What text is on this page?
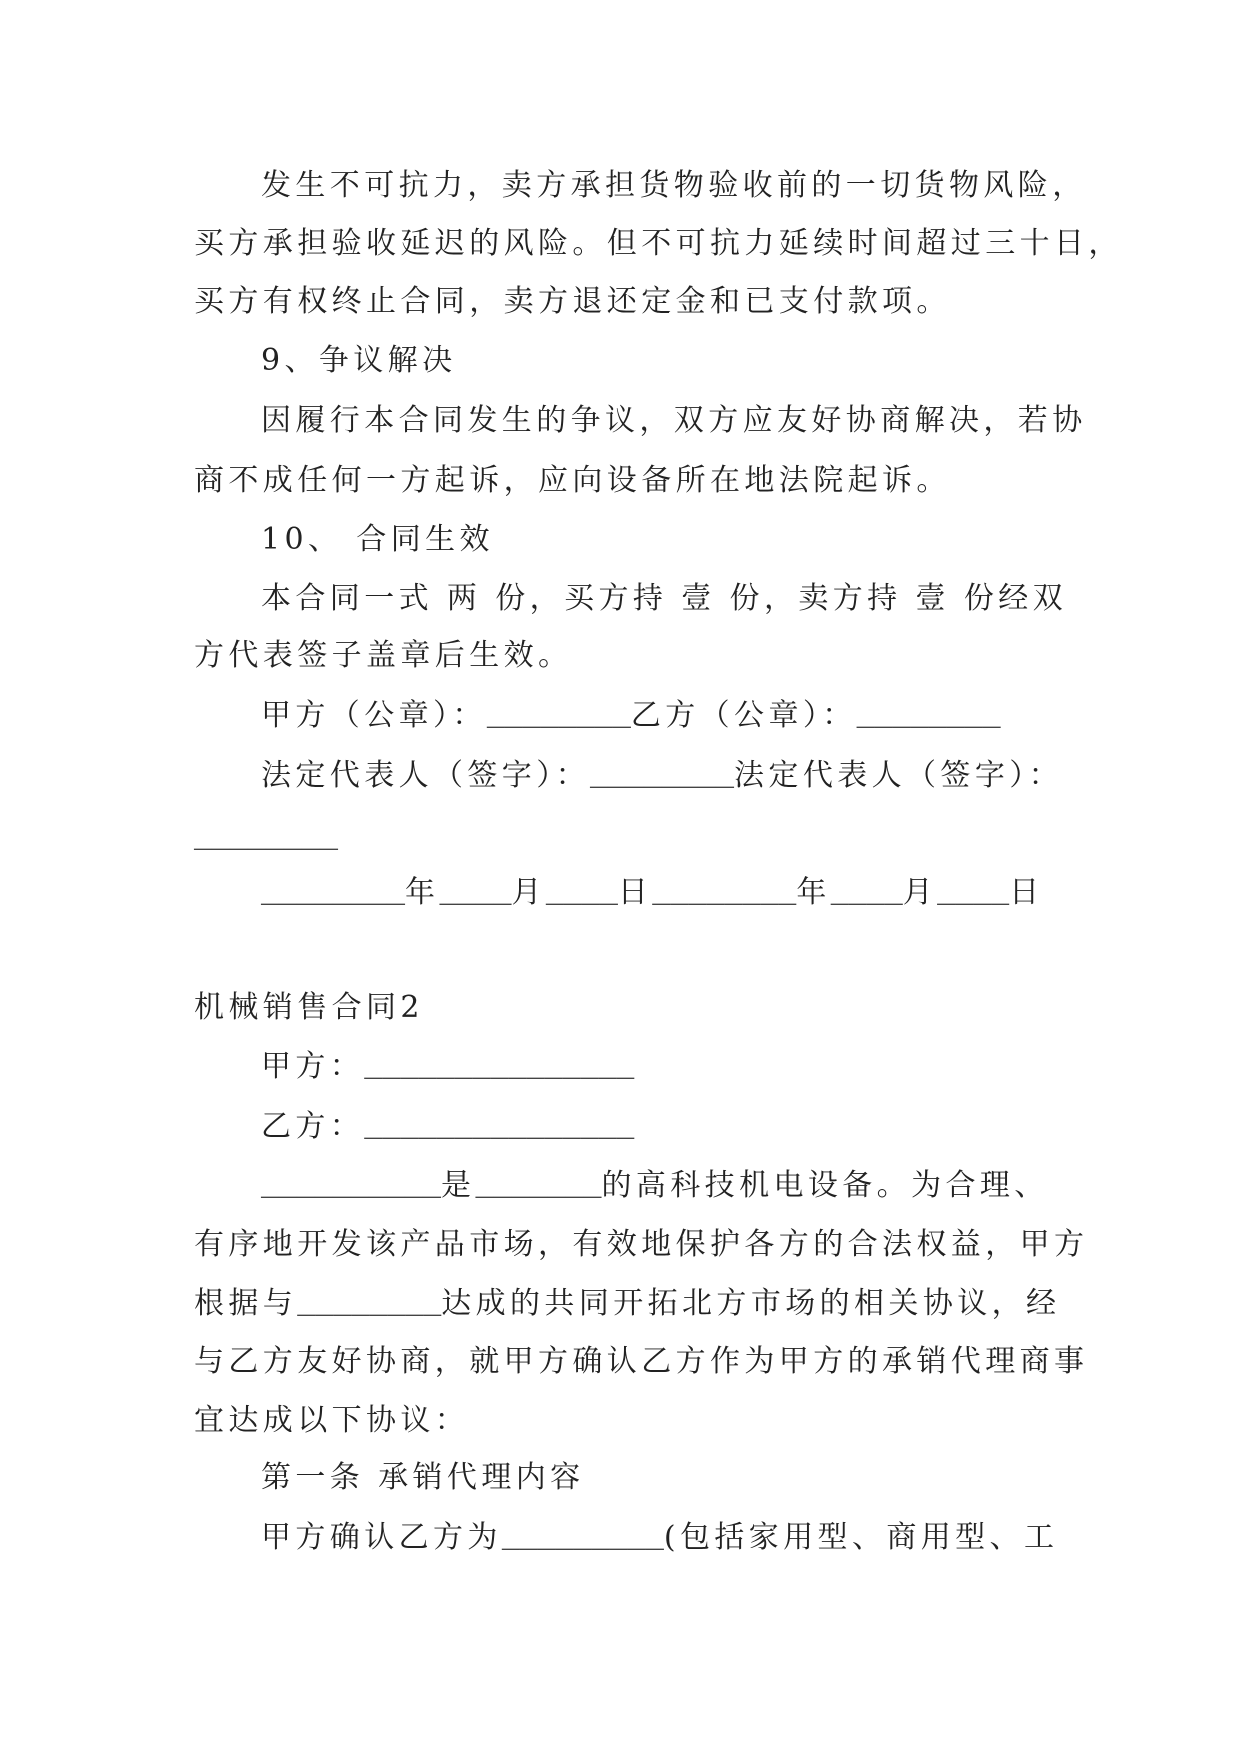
发生不可抗力，卖方承担货物验收前的一切货物风险，
买方承担验收延迟的风险。但不可抗力延续时间超过三十日，
买方有权终止合同，卖方退还定金和已支付款项。
9、争议解决
因履行本合同发生的争议，双方应友好协商解决，若协
商不成任何一方起诉，应向设备所在地法院起诉。
10、 合同生效
本合同一式 两 份，买方持 壹 份，卖方持 壹 份经双
方代表签子盖章后生效。
甲方（公章）：________乙方（公章）：________
法定代表人（签字）：________法定代表人（签字）：
________
________年____月____日________年____月____日
机械销售合同2
甲方：_______________
乙方：_______________
__________是_______的高科技机电设备。为合理、
有序地开发该产品市场，有效地保护各方的合法权益，甲方
根据与________达成的共同开拓北方市场的相关协议，经
与乙方友好协商，就甲方确认乙方作为甲方的承销代理商事
宜达成以下协议：
第一条 承销代理内容
甲方确认乙方为_________(包括家用型、商用型、工
